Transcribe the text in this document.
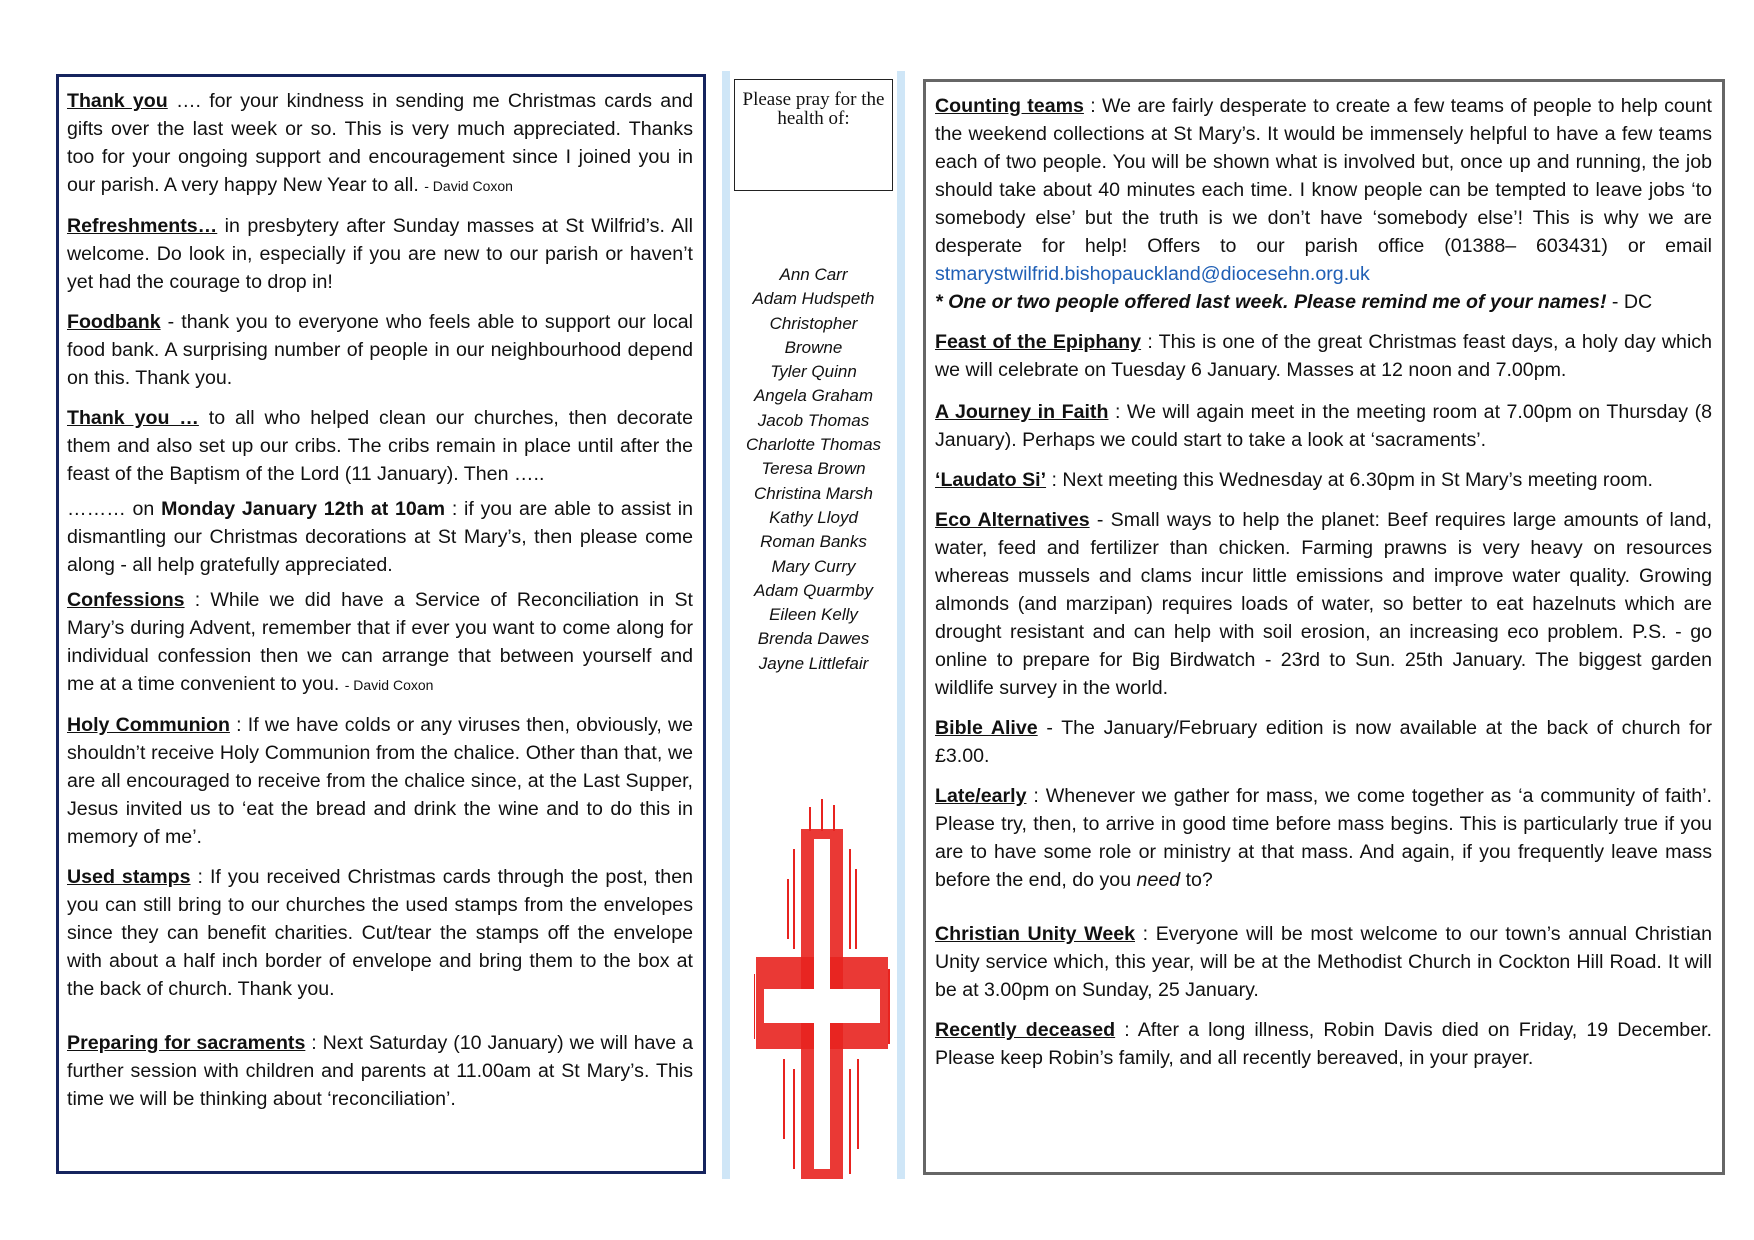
Thank you …. for your kindness in sending me Christmas cards and gifts over the last week or so. This is very much appreciated. Thanks too for your ongoing support and encouragement since I joined you in our parish. A very happy New Year to all. - David Coxon

Refreshments… in presbytery after Sunday masses at St Wilfrid’s. All welcome. Do look in, especially if you are new to our parish or haven’t yet had the courage to drop in!

Foodbank - thank you to everyone who feels able to support our local food bank. A surprising number of people in our neighbourhood depend on this. Thank you.

Thank you … to all who helped clean our churches, then decorate them and also set up our cribs. The cribs remain in place until after the feast of the Baptism of the Lord (11 January). Then …..

……… on Monday January 12th at 10am : if you are able to assist in dismantling our Christmas decorations at St Mary’s, then please come along - all help gratefully appreciated.

Confessions : While we did have a Service of Reconciliation in St Mary’s during Advent, remember that if ever you want to come along for individual confession then we can arrange that between yourself and me at a time convenient to you. - David Coxon

Holy Communion : If we have colds or any viruses then, obviously, we shouldn’t receive Holy Communion from the chalice. Other than that, we are all encouraged to receive from the chalice since, at the Last Supper, Jesus invited us to ‘eat the bread and drink the wine and to do this in memory of me’.

Used stamps : If you received Christmas cards through the post, then you can still bring to our churches the used stamps from the envelopes since they can benefit charities. Cut/tear the stamps off the envelope with about a half inch border of envelope and bring them to the box at the back of church. Thank you.

Preparing for sacraments : Next Saturday (10 January) we will have a further session with children and parents at 11.00am at St Mary’s. This time we will be thinking about ‘reconciliation’.

Please pray for the health of:
Ann Carr
Adam Hudspeth
Christopher
Browne
Tyler Quinn
Angela Graham
Jacob Thomas
Charlotte Thomas
Teresa Brown
Christina Marsh
Kathy Lloyd
Roman Banks
Mary Curry
Adam Quarmby
Eileen Kelly
Brenda Dawes
Jayne Littlefair

Counting teams : We are fairly desperate to create a few teams of people to help count the weekend collections at St Mary’s. It would be immensely helpful to have a few teams each of two people. You will be shown what is involved but, once up and running, the job should take about 40 minutes each time. I know people can be tempted to leave jobs ‘to somebody else’ but the truth is we don’t have ‘somebody else’! This is why we are desperate for help! Offers to our parish office (01388– 603431) or email stmarystwilfrid.bishopauckland@diocesehn.org.uk
* One or two people offered last week. Please remind me of your names! - DC

Feast of the Epiphany : This is one of the great Christmas feast days, a holy day which we will celebrate on Tuesday 6 January. Masses at 12 noon and 7.00pm.

A Journey in Faith : We will again meet in the meeting room at 7.00pm on Thursday (8 January). Perhaps we could start to take a look at ‘sacraments’.

‘Laudato Si’ : Next meeting this Wednesday at 6.30pm in St Mary’s meeting room.

Eco Alternatives - Small ways to help the planet: Beef requires large amounts of land, water, feed and fertilizer than chicken. Farming prawns is very heavy on resources whereas mussels and clams incur little emissions and improve water quality. Growing almonds (and marzipan) requires loads of water, so better to eat hazelnuts which are drought resistant and can help with soil erosion, an increasing eco problem. P.S. - go online to prepare for Big Birdwatch - 23rd to Sun. 25th January. The biggest garden wildlife survey in the world.

Bible Alive - The January/February edition is now available at the back of church for £3.00.

Late/early : Whenever we gather for mass, we come together as ‘a community of faith’. Please try, then, to arrive in good time before mass begins. This is particularly true if you are to have some role or ministry at that mass. And again, if you frequently leave mass before the end, do you need to?

Christian Unity Week : Everyone will be most welcome to our town’s annual Christian Unity service which, this year, will be at the Methodist Church in Cockton Hill Road. It will be at 3.00pm on Sunday, 25 January.

Recently deceased : After a long illness, Robin Davis died on Friday, 19 December. Please keep Robin’s family, and all recently bereaved, in your prayer.
